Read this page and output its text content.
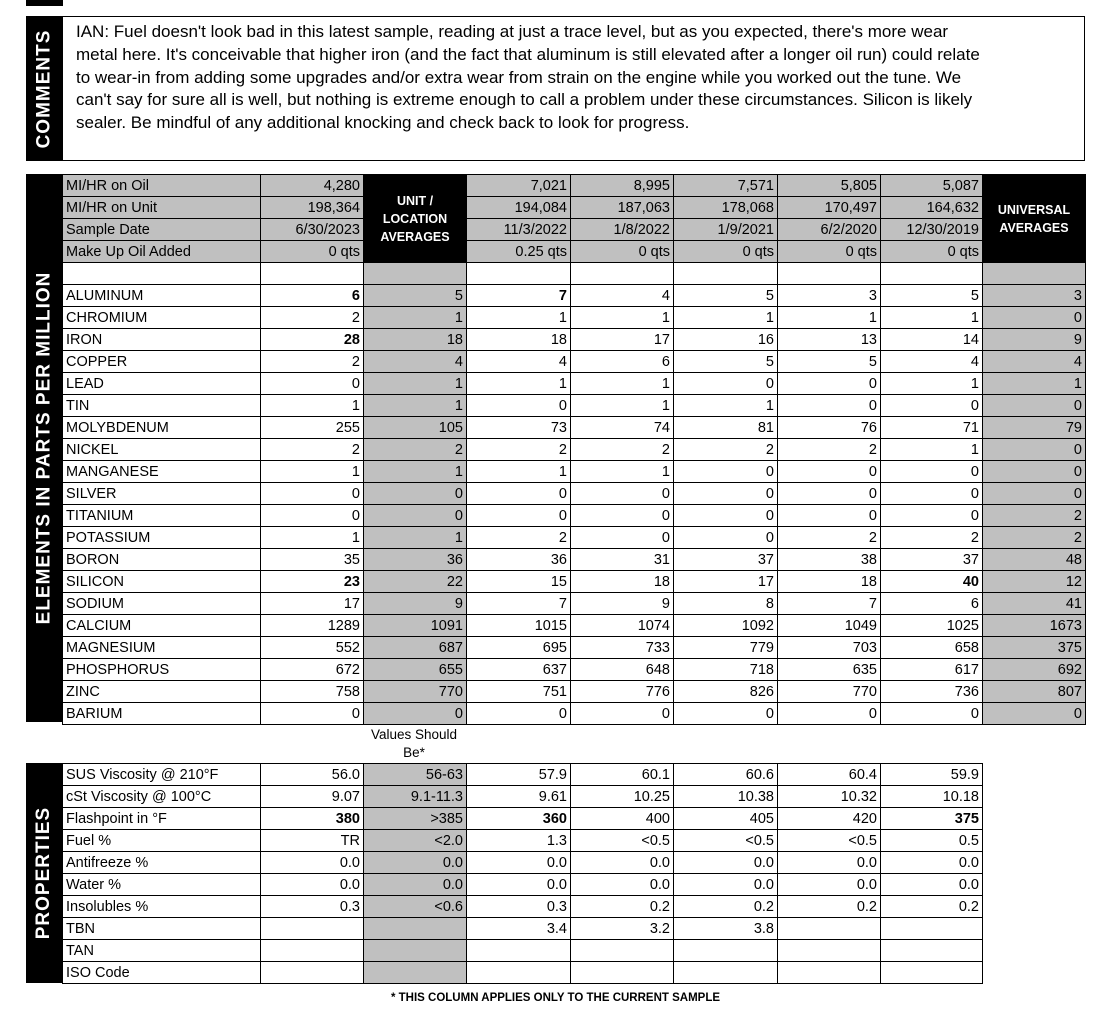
COMMENTS IAN: Fuel doesn't look bad in this latest sample, reading at just a trace level, but as you expected, there's more wear metal here. It's conceivable that higher iron (and the fact that aluminum is still elevated after a longer oil run) could relate to wear-in from adding some upgrades and/or extra wear from strain on the engine while you worked out the tune. We can't say for sure all is well, but nothing is extreme enough to call a problem under these circumstances. Silicon is likely sealer. Be mindful of any additional knocking and check back to look for progress.

ELEMENTS IN PARTS PER MILLION
MI/HR on Oil	4,280	UNIT / LOCATION AVERAGES	7,021	8,995	7,571	5,805	5,087	UNIVERSAL AVERAGES
MI/HR on Unit	198,364		194,084	187,063	178,068	170,497	164,632	
Sample Date	6/30/2023		11/3/2022	1/8/2022	1/9/2021	6/2/2020	12/30/2019	
Make Up Oil Added	0 qts		0.25 qts	0 qts	0 qts	0 qts	0 qts	

ALUMINUM	6	5	7	4	5	3	5	3
CHROMIUM	2	1	1	1	1	1	1	0
IRON	28	18	18	17	16	13	14	9
COPPER	2	4	4	6	5	5	4	4
LEAD	0	1	1	1	0	0	1	1
TIN	1	1	0	1	1	0	0	0
MOLYBDENUM	255	105	73	74	81	76	71	79
NICKEL	2	2	2	2	2	2	1	0
MANGANESE	1	1	1	1	0	0	0	0
SILVER	0	0	0	0	0	0	0	0
TITANIUM	0	0	0	0	0	0	0	2
POTASSIUM	1	1	2	0	0	2	2	2
BORON	35	36	36	31	37	38	37	48
SILICON	23	22	15	18	17	18	40	12
SODIUM	17	9	7	9	8	7	6	41
CALCIUM	1289	1091	1015	1074	1092	1049	1025	1673
MAGNESIUM	552	687	695	733	779	703	658	375
PHOSPHORUS	672	655	637	648	718	635	617	692
ZINC	758	770	751	776	826	770	736	807
BARIUM	0	0	0	0	0	0	0	0
Values Should Be*
PROPERTIES
SUS Viscosity @ 210°F	56.0	56-63	57.9	60.1	60.6	60.4	59.9
cSt Viscosity @ 100°C	9.07	9.1-11.3	9.61	10.25	10.38	10.32	10.18
Flashpoint in °F	380	>385	360	400	405	420	375
Fuel %	TR	<2.0	1.3	<0.5	<0.5	<0.5	0.5
Antifreeze %	0.0	0.0	0.0	0.0	0.0	0.0	0.0
Water %	0.0	0.0	0.0	0.0	0.0	0.0	0.0
Insolubles %	0.3	<0.6	0.3	0.2	0.2	0.2	0.2
TBN			3.4	3.2	3.8		
TAN							
ISO Code							
* THIS COLUMN APPLIES ONLY TO THE CURRENT SAMPLE
